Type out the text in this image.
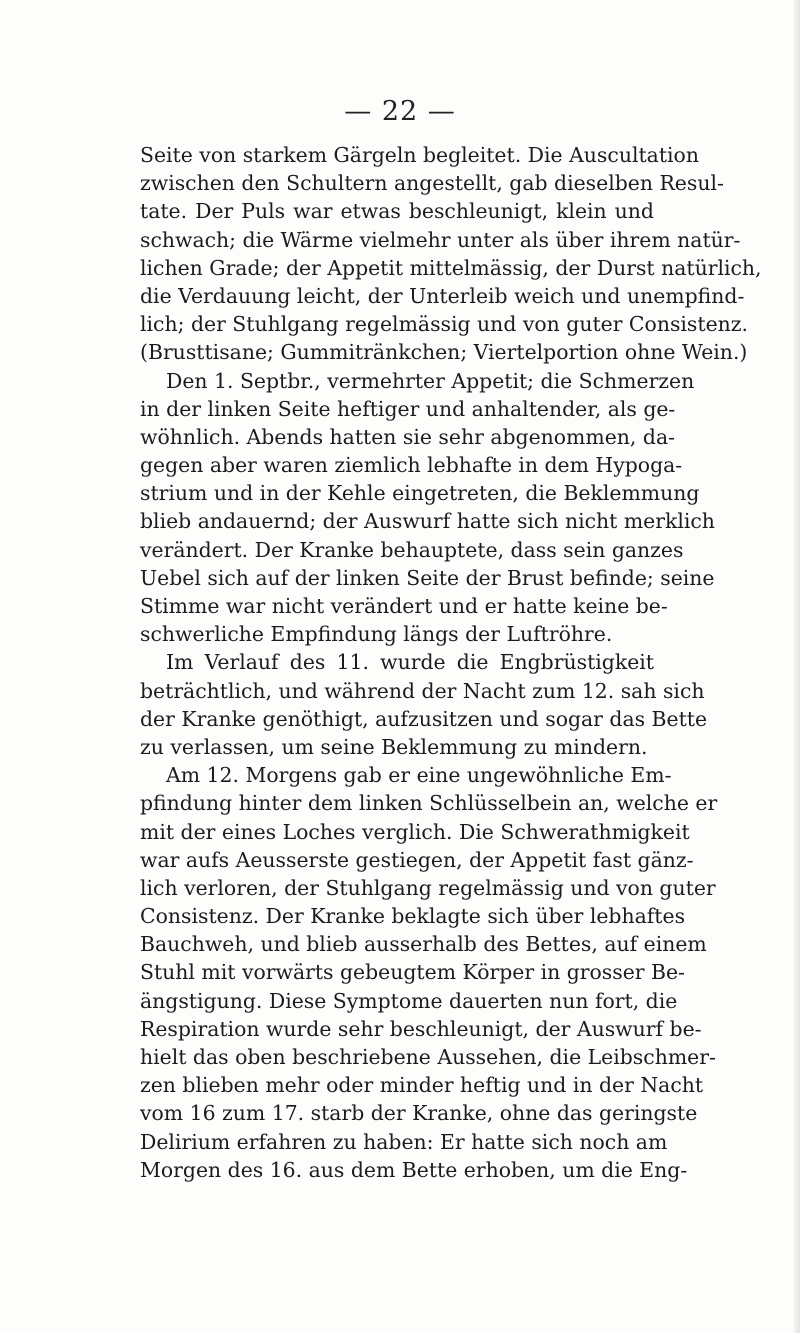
— 22 —
Seite von starkem Gärgeln begleitet. Die Auscultation
zwischen den Schultern angestellt, gab dieselben Resul-
tate. Der Puls war etwas beschleunigt, klein und
schwach; die Wärme vielmehr unter als über ihrem natür-
lichen Grade; der Appetit mittelmässig, der Durst natürlich,
die Verdauung leicht, der Unterleib weich und unempfind-
lich; der Stuhlgang regelmässig und von guter Consistenz.
(Brusttisane; Gummitränkchen; Viertelportion ohne Wein.)
Den 1. Septbr., vermehrter Appetit; die Schmerzen
in der linken Seite heftiger und anhaltender, als ge-
wöhnlich. Abends hatten sie sehr abgenommen, da-
gegen aber waren ziemlich lebhafte in dem Hypoga-
strium und in der Kehle eingetreten, die Beklemmung
blieb andauernd; der Auswurf hatte sich nicht merklich
verändert. Der Kranke behauptete, dass sein ganzes
Uebel sich auf der linken Seite der Brust befinde; seine
Stimme war nicht verändert und er hatte keine be-
schwerliche Empfindung längs der Luftröhre.
Im Verlauf des 11. wurde die Engbrüstigkeit
beträchtlich, und während der Nacht zum 12. sah sich
der Kranke genöthigt, aufzusitzen und sogar das Bette
zu verlassen, um seine Beklemmung zu mindern.
Am 12. Morgens gab er eine ungewöhnliche Em-
pfindung hinter dem linken Schlüsselbein an, welche er
mit der eines Loches verglich. Die Schwerathmigkeit
war aufs Aeusserste gestiegen, der Appetit fast gänz-
lich verloren, der Stuhlgang regelmässig und von guter
Consistenz. Der Kranke beklagte sich über lebhaftes
Bauchweh, und blieb ausserhalb des Bettes, auf einem
Stuhl mit vorwärts gebeugtem Körper in grosser Be-
ängstigung. Diese Symptome dauerten nun fort, die
Respiration wurde sehr beschleunigt, der Auswurf be-
hielt das oben beschriebene Aussehen, die Leibschmer-
zen blieben mehr oder minder heftig und in der Nacht
vom 16 zum 17. starb der Kranke, ohne das geringste
Delirium erfahren zu haben: Er hatte sich noch am
Morgen des 16. aus dem Bette erhoben, um die Eng-
